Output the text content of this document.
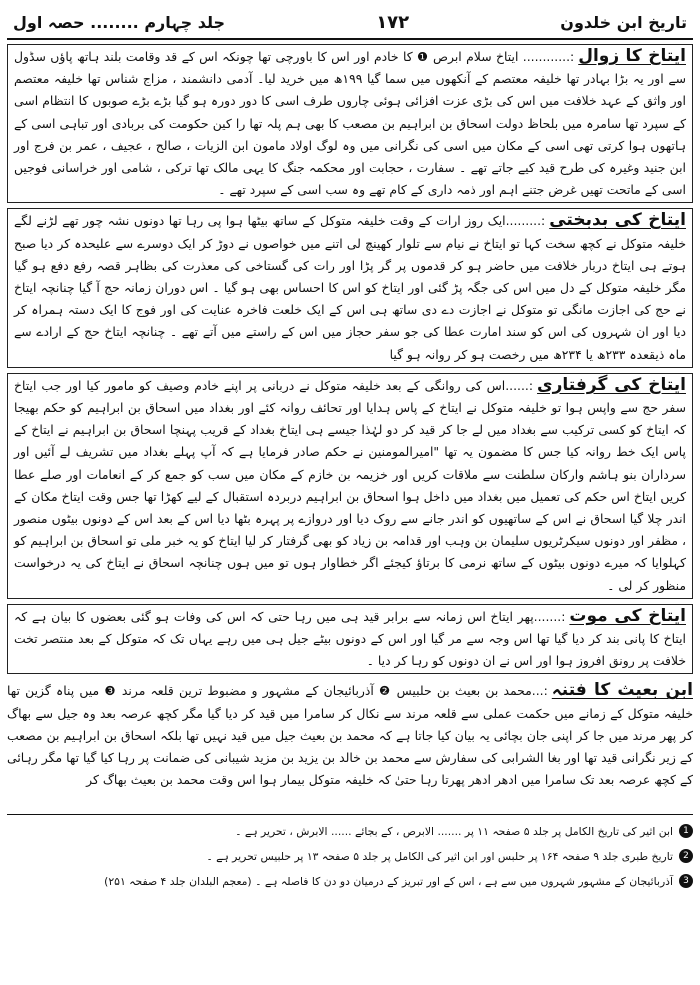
تاریخ ابن خلدون
۱۷۲
جلد چہارم ........ حصہ اول

ایتاخ کا زوال:............ ایتاخ سلام ابرص ❶ کا خادم اور اس کا باورچی تھا چونکہ اس کے قد وقامت بلند ہاتھ پاؤں سڈول سے اور یہ بڑا بہادر تھا خلیفہ معتصم کے آنکھوں میں سما گیا ۱۹۹ھ میں خرید لیا۔ آدمی دانشمند ، مزاج شناس تھا خلیفہ معتصم اور واثق کے عہد خلافت میں اس کی بڑی عزت افزائی ہوئی چاروں طرف اسی کا دور دورہ ہو گیا بڑے بڑے صوبوں کا انتظام اسی کے سپرد تھا سامرہ میں بلحاظ دولت اسحاق بن ابراہیم بن مصعب کا بھی ہم پلہ تھا را کین حکومت کی بربادی اور تباہی اسی کے ہاتھوں ہوا کرتی تھی اسی کے مکان میں اسی کی نگرانی میں وہ لوگ اولاد مامون ابن الزیات ، صالح ، عجیف ، عمر بن فرج اور ابن جنید وغیرہ کی طرح قید کیے جاتے تھے ۔ سفارت ، حجابت اور محکمہ جنگ کا یہی مالک تھا ترکی ، شامی اور خراسانی فوجیں اسی کے ماتحت تھیں غرض جتنے اہم اور ذمہ داری کے کام تھے وہ سب اسی کے سپرد تھے ۔

ایتاخ کی بدبختی:.........ایک روز ارات کے وقت خلیفہ متوکل کے ساتھ بیٹھا ہوا پی رہا تھا دونوں نشہ چور تھے لڑنے لگے خلیفہ متوکل نے کچھ سخت کہا تو ایتاخ نے نیام سے تلوار کھینچ لی اتنے میں خواصوں نے دوڑ کر ایک دوسرے سے علیحدہ کر دیا صبح ہوتے ہی ایتاخ دربار خلافت میں حاضر ہو کر قدموں پر گر پڑا اور رات کی گستاخی کی معذرت کی بظاہر قصہ رفع دفع ہو گیا مگر خلیفہ متوکل کے دل میں اس کی جگہ پڑ گئی اور ایتاخ کو اس کا احساس بھی ہو گیا ۔ اس دوران زمانہ حج آ گیا چنانچہ ایتاخ نے حج کی اجازت مانگی تو متوکل نے اجازت دے دی ساتھ ہی اس کے ایک خلعت فاخرہ عنایت کی اور فوج کا ایک دستہ ہمراہ کر دیا اور ان شہروں کی اس کو سند امارت عطا کی جو سفر حجاز میں اس کے راستے میں آتے تھے ۔ چنانچہ ایتاخ حج کے ارادے سے ماہ ذیقعدہ ۲۳۳ھ یا ۲۳۴ھ میں رخصت ہو کر روانہ ہو گیا

ایتاخ کی گرفتاری:......اس کی روانگی کے بعد خلیفہ متوکل نے دربانی پر اپنے خادم وصیف کو مامور کیا اور جب ایتاخ سفر حج سے واپس ہوا تو خلیفہ متوکل نے ایتاخ کے پاس ہدایا اور تحائف روانہ کئے اور بغداد میں اسحاق بن ابراہیم کو حکم بھیجا کہ ایتاخ کو کسی ترکیب سے بغداد میں لے جا کر قید کر دو لہٰذا جیسے ہی ایتاخ بغداد کے قریب پہنچا اسحاق بن ابراہیم نے ایتاخ کے پاس ایک خط روانہ کیا جس کا مضمون یہ تھا "امیرالمومنین نے حکم صادر فرمایا ہے کہ آپ پہلے بغداد میں تشریف لے آئیں اور سرداران بنو ہاشم وارکان سلطنت سے ملاقات کریں اور خزیمہ بن خازم کے مکان میں سب کو جمع کر کے انعامات اور صلے عطا کریں ایتاخ اس حکم کی تعمیل میں بغداد میں داخل ہوا اسحاق بن ابراہیم دربردہ استقبال کے لیے کھڑا تھا جس وقت ایتاخ مکان کے اندر چلا گیا اسحاق نے اس کے ساتھیوں کو اندر جانے سے روک دیا اور دروازے پر پہرہ بٹھا دیا اس کے بعد اس کے دونوں بیٹوں منصور ، مظفر اور دونوں سیکرٹریوں سلیمان بن وہب اور قدامہ بن زیاد کو بھی گرفتار کر لیا ایتاخ کو یہ خبر ملی تو اسحاق بن ابراہیم کو کہلوایا کہ میرے دونوں بیٹوں کے ساتھ نرمی کا برتاؤ کیجئے اگر خطاوار ہوں تو میں ہوں چنانچہ اسحاق نے ایتاخ کی یہ درخواست منظور کر لی ۔

ایتاخ کی موت:.......پھر ایتاخ اس زمانہ سے برابر قید ہی میں رہا حتی کہ اس کی وفات ہو گئی بعضوں کا بیان ہے کہ ایتاخ کا پانی بند کر دیا گیا تھا اس وجہ سے مر گیا اور اس کے دونوں بیٹے جیل ہی میں رہے یہاں تک کہ متوکل کے بعد منتصر تخت خلافت پر رونق افروز ہوا اور اس نے ان دونوں کو رہا کر دیا ۔

ابن بعیث کا فتنہ:...محمد بن بعیث بن حلبیس ❷ آذربائیجان کے مشہور و مضبوط ترین قلعہ مرند ❸ میں پناہ گزین تھا خلیفہ متوکل کے زمانے میں حکمت عملی سے قلعہ مرند سے نکال کر سامرا میں قید کر دیا گیا مگر کچھ عرصہ بعد وہ جیل سے بھاگ کر پھر مرند میں جا کر اپنی جان بچائی یہ بیان کیا جاتا ہے کہ محمد بن بعیث جیل میں قید نہیں تھا بلکہ اسحاق بن ابراہیم بن مصعب کے زیر نگرانی قید تھا اور بغا الشرابی کی سفارش سے محمد بن خالد بن یزید بن مزید شیبانی کی ضمانت پر رہا کیا گیا تھا مگر رہائی کے کچھ عرصہ بعد تک سامرا میں ادھر ادھر پھرتا رہا حتیٰ کہ خلیفہ متوکل بیمار ہوا اس وقت محمد بن بعیث بھاگ کر

1
ابن اثیر کی تاریخ الکامل پر جلد ۵ صفحہ ۱۱ پر ....... الابرص ، کے بجائے ...... الابرش ، تحریر ہے ۔
2
تاریخ طبری جلد ۹ صفحہ ۱۶۴ پر حلبس اور ابن اثیر کی الکامل پر جلد ۵ صفحہ ۱۳ پر حلبیس تحریر ہے ۔
3
آذربائیجان کے مشہور شہروں میں سے ہے ، اس کے اور تبریز کے درمیان دو دن کا فاصلہ ہے ۔ (معجم البلدان جلد ۴ صفحہ ۲۵۱)
